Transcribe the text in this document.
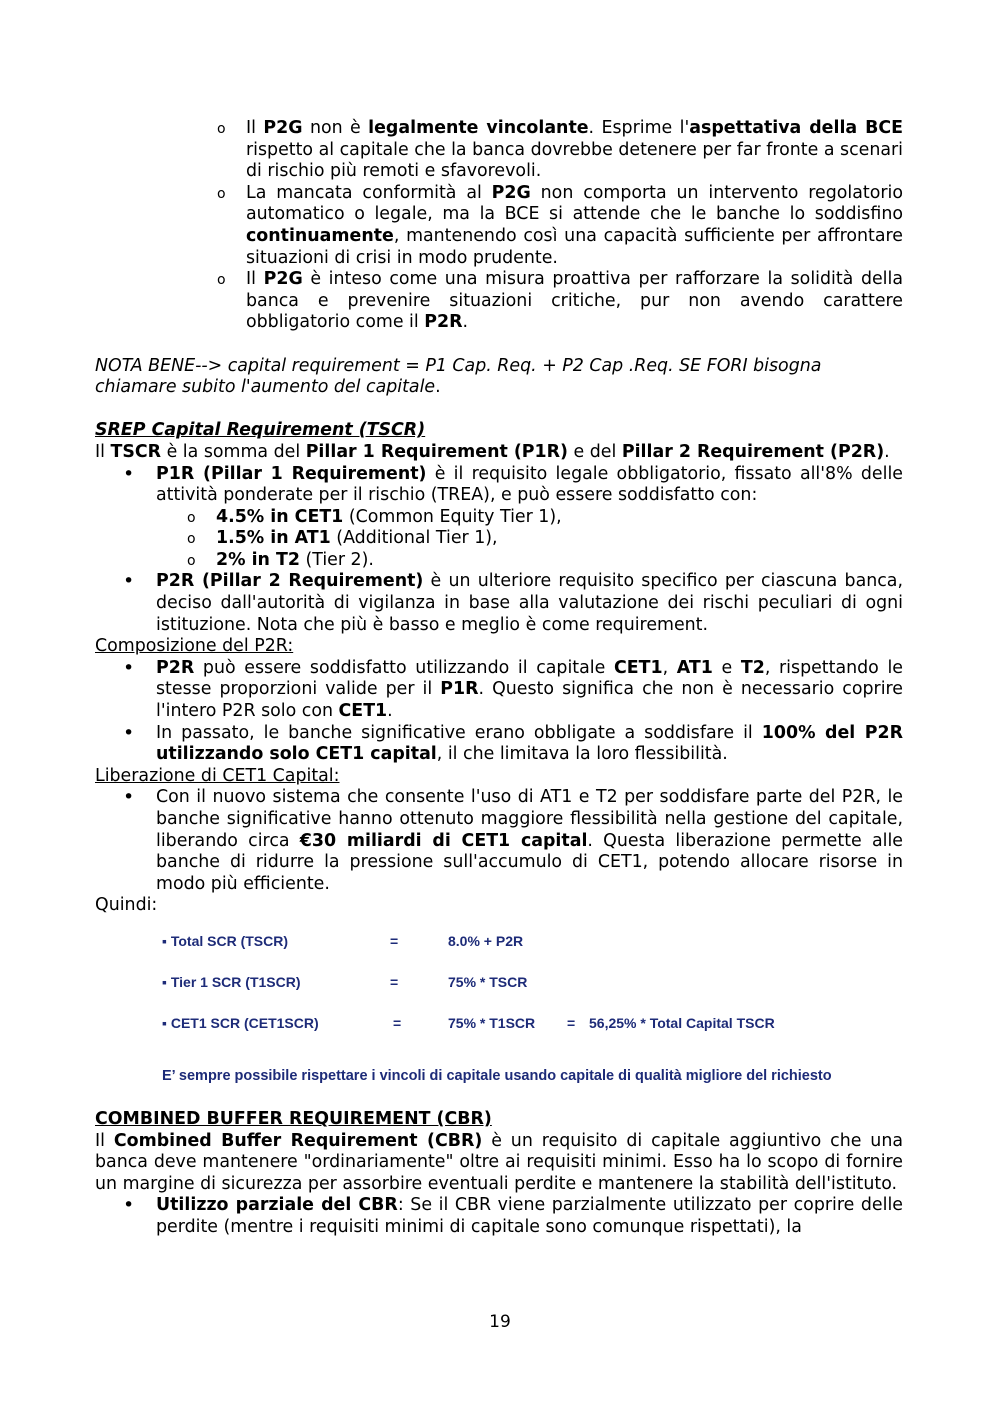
o Il P2G non è legalmente vincolante. Esprime l'aspettativa della BCE rispetto al capitale che la banca dovrebbe detenere per far fronte a scenari di rischio più remoti e sfavorevoli.
o La mancata conformità al P2G non comporta un intervento regolatorio automatico o legale, ma la BCE si attende che le banche lo soddisfino continuamente, mantenendo così una capacità sufficiente per affrontare situazioni di crisi in modo prudente.
o Il P2G è inteso come una misura proattiva per rafforzare la solidità della banca e prevenire situazioni critiche, pur non avendo carattere obbligatorio come il P2R.

NOTA BENE--> capital requirement = P1 Cap. Req. + P2 Cap .Req. SE FORI bisogna chiamare subito l'aumento del capitale.

SREP Capital Requirement (TSCR)

Il TSCR è la somma del Pillar 1 Requirement (P1R) e del Pillar 2 Requirement (P2R).

• P1R (Pillar 1 Requirement) è il requisito legale obbligatorio, fissato all'8% delle attività ponderate per il rischio (TREA), e può essere soddisfatto con:
o 4.5% in CET1 (Common Equity Tier 1),
o 1.5% in AT1 (Additional Tier 1),
o 2% in T2 (Tier 2).
• P2R (Pillar 2 Requirement) è un ulteriore requisito specifico per ciascuna banca, deciso dall'autorità di vigilanza in base alla valutazione dei rischi peculiari di ogni istituzione. Nota che più è basso e meglio è come requirement.

Composizione del P2R:

• P2R può essere soddisfatto utilizzando il capitale CET1, AT1 e T2, rispettando le stesse proporzioni valide per il P1R. Questo significa che non è necessario coprire l'intero P2R solo con CET1.
• In passato, le banche significative erano obbligate a soddisfare il 100% del P2R utilizzando solo CET1 capital, il che limitava la loro flessibilità.

Liberazione di CET1 Capital:

• Con il nuovo sistema che consente l'uso di AT1 e T2 per soddisfare parte del P2R, le banche significative hanno ottenuto maggiore flessibilità nella gestione del capitale, liberando circa €30 miliardi di CET1 capital. Questa liberazione permette alle banche di ridurre la pressione sull'accumulo di CET1, potendo allocare risorse in modo più efficiente.

Quindi:

▪ Total SCR (TSCR)	=	8.0% + P2R
▪ Tier 1 SCR (T1SCR)	=	75% * TSCR
▪ CET1 SCR (CET1SCR)	=	75% * T1SCR = 56,25% * Total Capital TSCR
E’ sempre possibile rispettare i vincoli di capitale usando capitale di qualità migliore del richiesto

COMBINED BUFFER REQUIREMENT (CBR)

Il Combined Buffer Requirement (CBR) è un requisito di capitale aggiuntivo che una banca deve mantenere "ordinariamente" oltre ai requisiti minimi. Esso ha lo scopo di fornire un margine di sicurezza per assorbire eventuali perdite e mantenere la stabilità dell'istituto.

• Utilizzo parziale del CBR: Se il CBR viene parzialmente utilizzato per coprire delle perdite (mentre i requisiti minimi di capitale sono comunque rispettati), la
19
